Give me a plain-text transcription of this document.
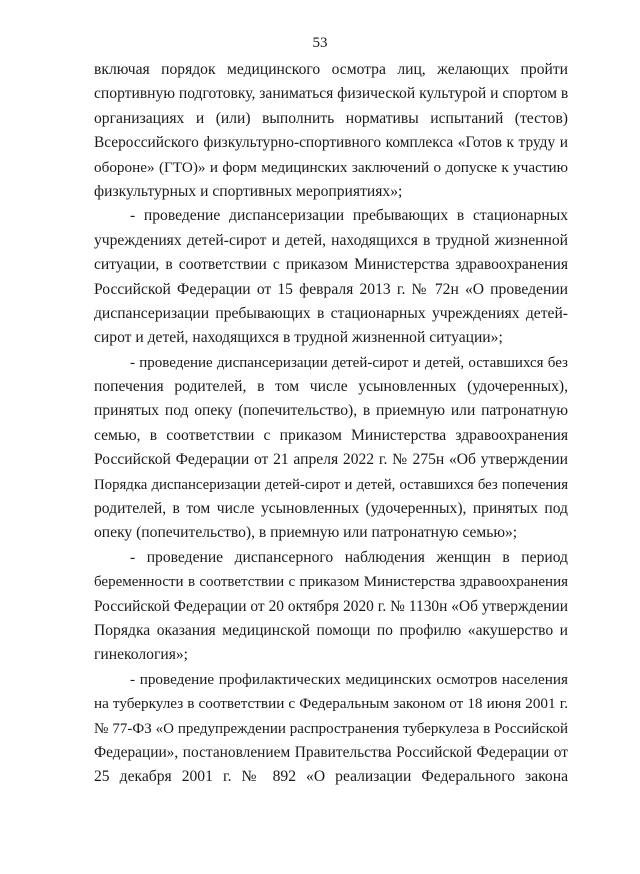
53
включая порядок медицинского осмотра лиц, желающих пройти
спортивную подготовку, заниматься физической культурой и спортом в
организациях и (или) выполнить нормативы испытаний (тестов)
Всероссийского физкультурно-спортивного комплекса «Готов к труду и
обороне» (ГТО)» и форм медицинских заключений о допуске к участию
физкультурных и спортивных мероприятиях»;
- проведение диспансеризации пребывающих в стационарных
учреждениях детей-сирот и детей, находящихся в трудной жизненной
ситуации, в соответствии с приказом Министерства здравоохранения
Российской Федерации от 15 февраля 2013 г. № 72н «О проведении
диспансеризации пребывающих в стационарных учреждениях детей-
сирот и детей, находящихся в трудной жизненной ситуации»;
- проведение диспансеризации детей-сирот и детей, оставшихся без
попечения родителей, в том числе усыновленных (удочеренных),
принятых под опеку (попечительство), в приемную или патронатную
семью, в соответствии с приказом Министерства здравоохранения
Российской Федерации от 21 апреля 2022 г. № 275н «Об утверждении
Порядка диспансеризации детей-сирот и детей, оставшихся без попечения
родителей, в том числе усыновленных (удочеренных), принятых под
опеку (попечительство), в приемную или патронатную семью»;
- проведение диспансерного наблюдения женщин в период
беременности в соответствии с приказом Министерства здравоохранения
Российской Федерации от 20 октября 2020 г. № 1130н «Об утверждении
Порядка оказания медицинской помощи по профилю «акушерство и
гинекология»;
- проведение профилактических медицинских осмотров населения
на туберкулез в соответствии с Федеральным законом от 18 июня 2001 г.
№ 77-ФЗ «О предупреждении распространения туберкулеза в Российской
Федерации», постановлением Правительства Российской Федерации от
25 декабря 2001 г. № 892 «О реализации Федерального закона
